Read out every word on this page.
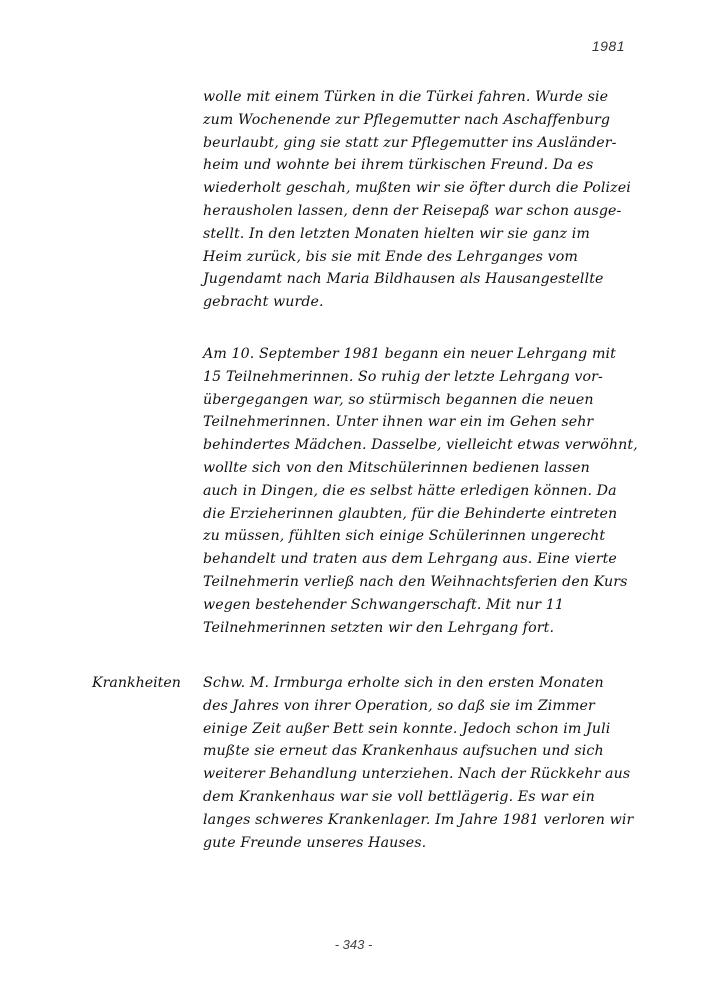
1981
wolle mit einem Türken in die Türkei fahren. Wurde sie
zum Wochenende zur Pflegemutter nach Aschaffenburg
beurlaubt, ging sie statt zur Pflegemutter ins Ausländer-
heim und wohnte bei ihrem türkischen Freund. Da es
wiederholt geschah, mußten wir sie öfter durch die Polizei
herausholen lassen, denn der Reisepaß war schon ausge-
stellt. In den letzten Monaten hielten wir sie ganz im
Heim zurück, bis sie mit Ende des Lehrganges vom
Jugendamt nach Maria Bildhausen als Hausangestellte
gebracht wurde.
Am 10. September 1981 begann ein neuer Lehrgang mit
15 Teilnehmerinnen. So ruhig der letzte Lehrgang vor-
übergegangen war, so stürmisch begannen die neuen
Teilnehmerinnen. Unter ihnen war ein im Gehen sehr
behindertes Mädchen. Dasselbe, vielleicht etwas verwöhnt,
wollte sich von den Mitschülerinnen bedienen lassen
auch in Dingen, die es selbst hätte erledigen können. Da
die Erzieherinnen glaubten, für die Behinderte eintreten
zu müssen, fühlten sich einige Schülerinnen ungerecht
behandelt und traten aus dem Lehrgang aus. Eine vierte
Teilnehmerin verließ nach den Weihnachtsferien den Kurs
wegen bestehender Schwangerschaft. Mit nur 11
Teilnehmerinnen setzten wir den Lehrgang fort.
Krankheiten Schw. M. Irmburga erholte sich in den ersten Monaten
des Jahres von ihrer Operation, so daß sie im Zimmer
einige Zeit außer Bett sein konnte. Jedoch schon im Juli
mußte sie erneut das Krankenhaus aufsuchen und sich
weiterer Behandlung unterziehen. Nach der Rückkehr aus
dem Krankenhaus war sie voll bettlägerig. Es war ein
langes schweres Krankenlager. Im Jahre 1981 verloren wir
gute Freunde unseres Hauses.
- 343 -
